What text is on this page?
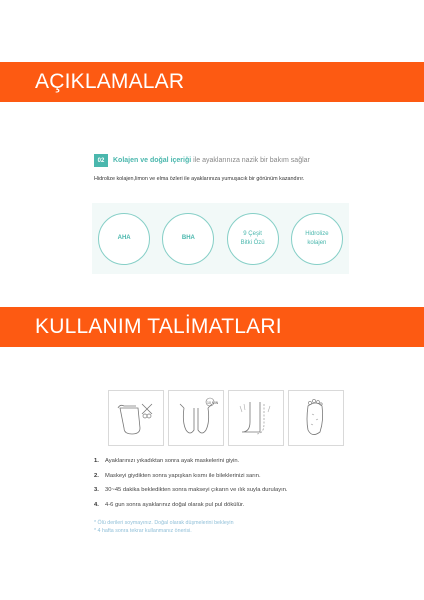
AÇIKLAMALAR
02	Kolajen ve doğal içeriği ile ayaklarınıza nazik bir bakım sağlar
Hidrolize kolajen,limon ve elma özleri ile ayaklarınıza yumuşacık bir görünüm kazandırır.
AHA	BHA
9 Çeşit
Bitki Özü
Hidrolize
kolajen
KULLANIM TALİMATLARI
10 MIN
1.	Ayaklarınızı yıkadıktan sonra ayak maskelerini giyin.
2.	Maskeyi giydikten sonra yapışkan kısmı ile bileklerinizi sarın.
3.	30~45 dakika bekledikten sonra makseyi çıkarın ve ılık suyla durulayın.
4.	4-6 gun sonra ayaklarınız doğal olarak pul pul dökülür.
* Ölü derileri soymayınız. Doğal olarak düşmelerini bekleyin
* 4 hafta sonra tekrar kullanmanız önerisi.
